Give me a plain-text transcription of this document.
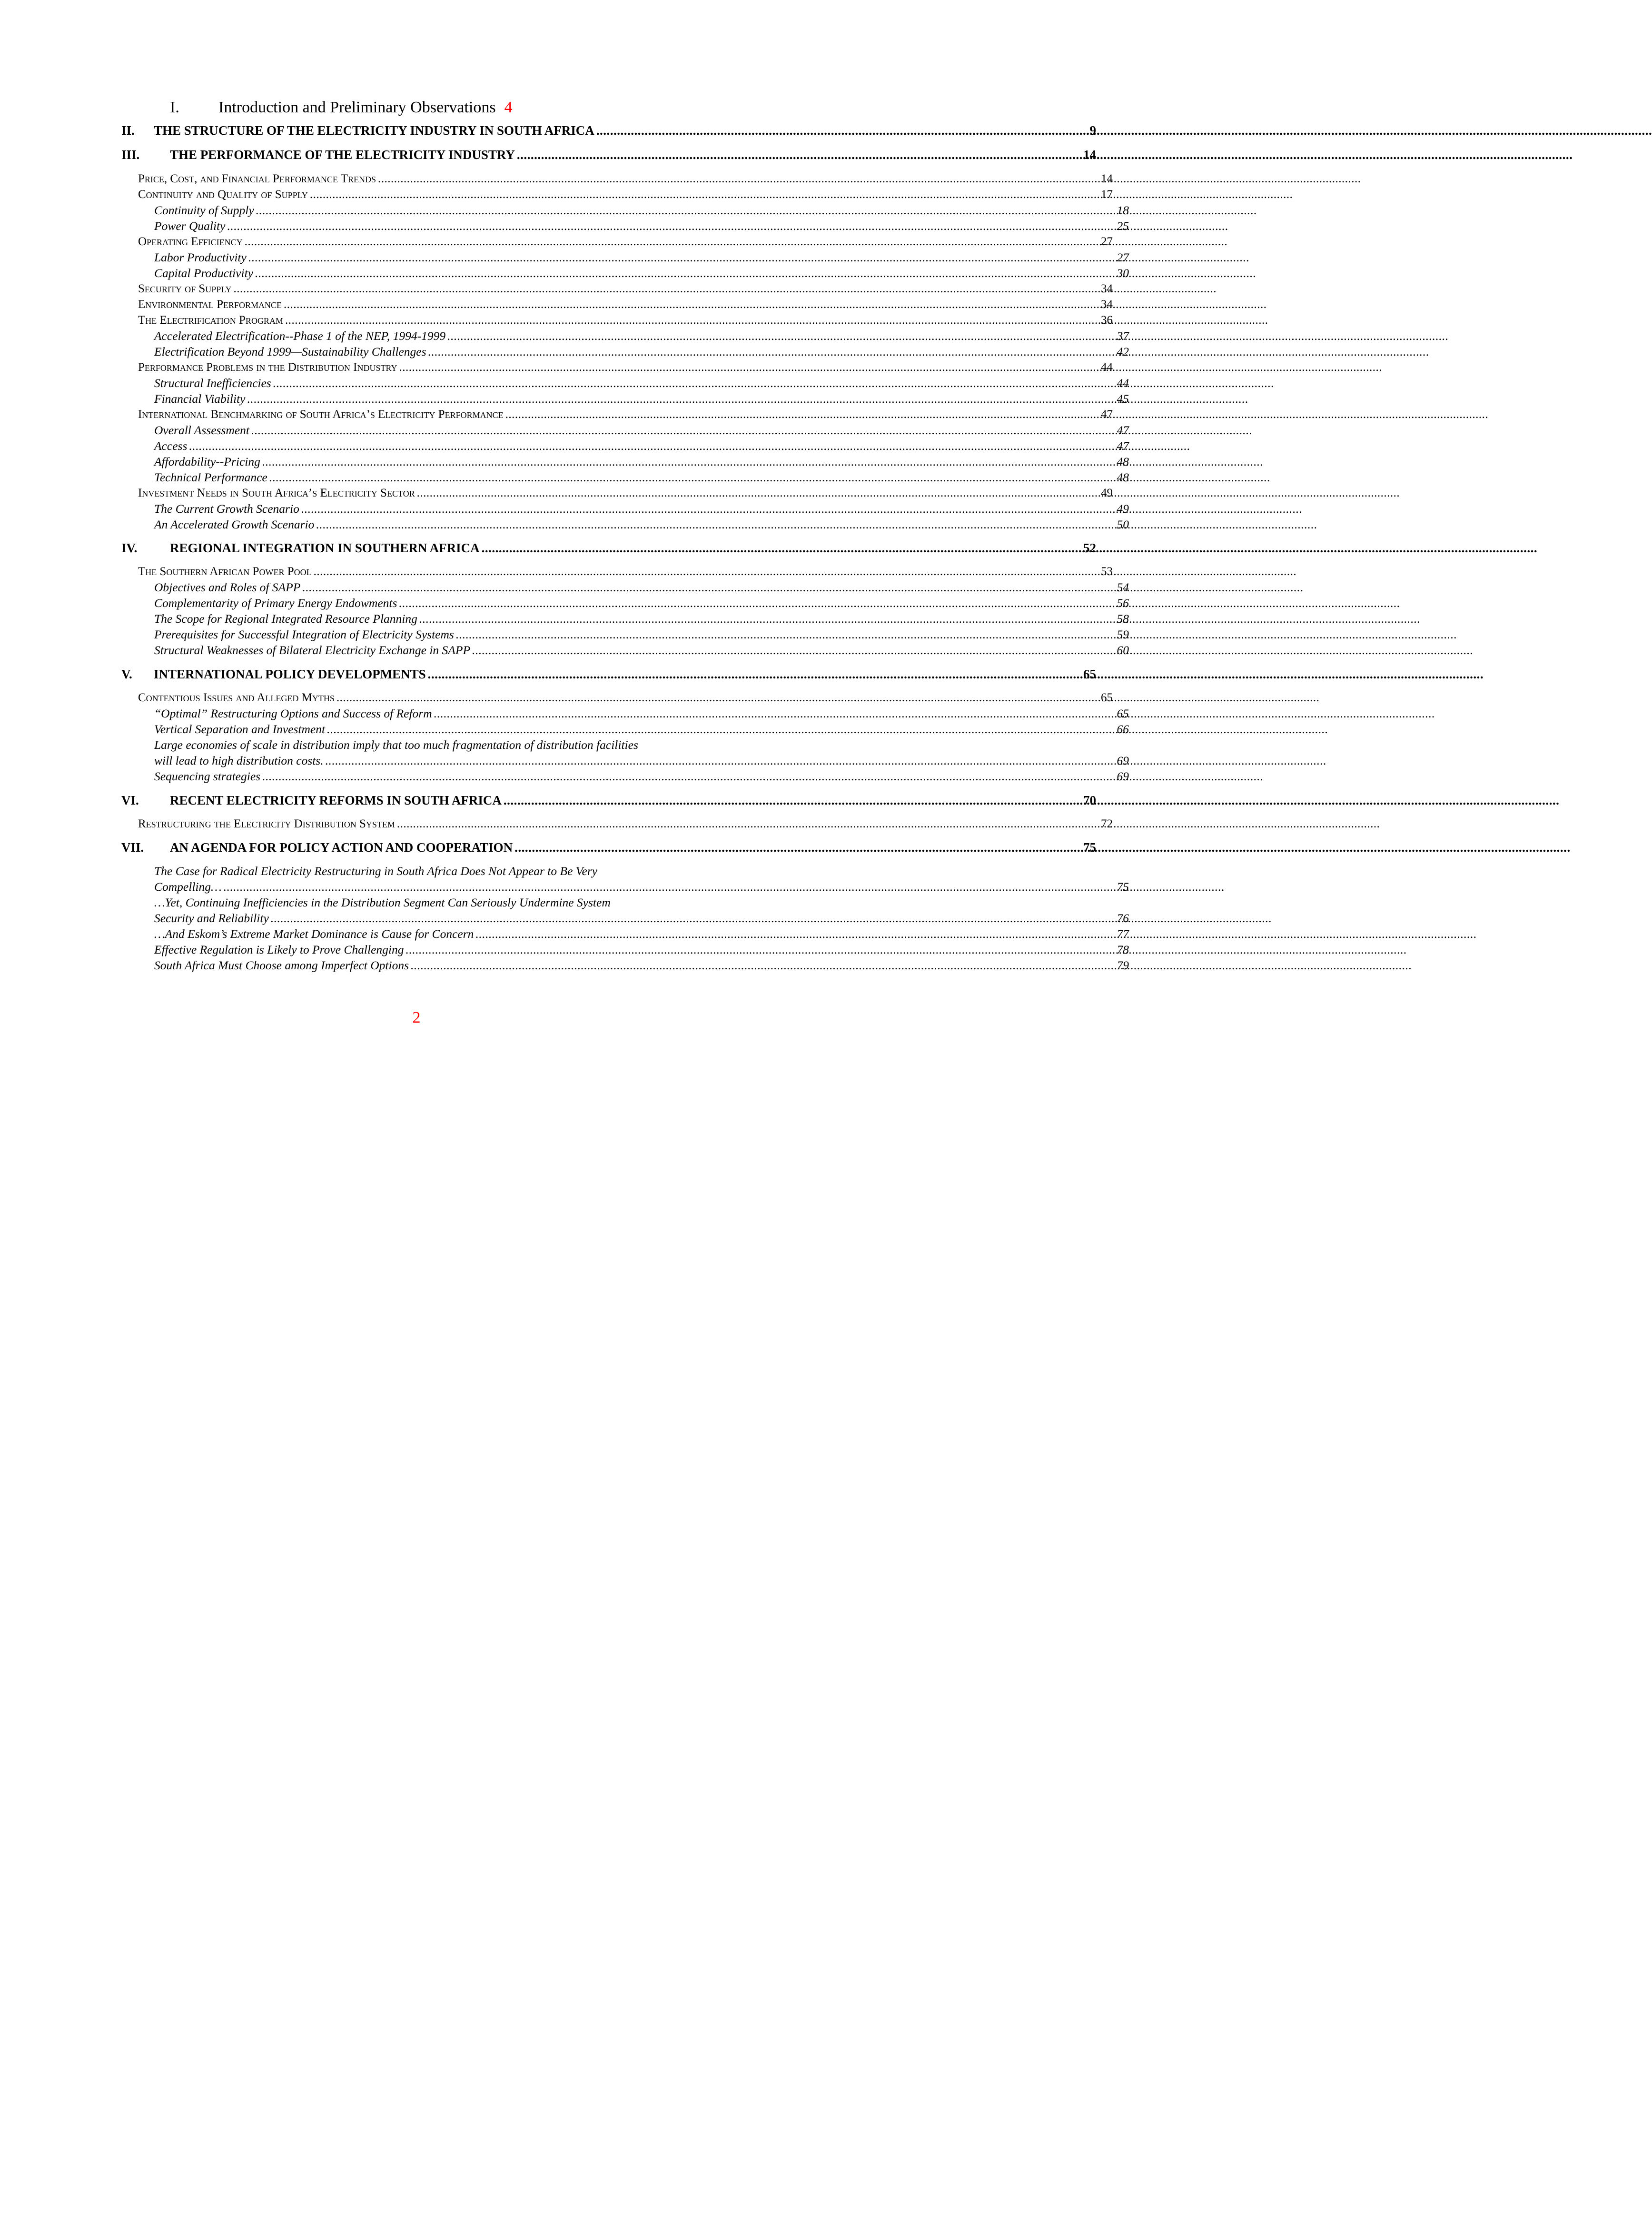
I. Introduction and Preliminary Observations 4
II.	THE STRUCTURE OF THE ELECTRICITY INDUSTRY IN SOUTH AFRICA .....	9
III.	THE PERFORMANCE OF THE ELECTRICITY INDUSTRY .....	14
Price, Cost, and Financial Performance Trends .....	14
Continuity and Quality of Supply .....	17
Continuity of Supply .....	18
Power Quality .....	25
Operating Efficiency .....	27
Labor Productivity .....	27
Capital Productivity .....	30
Security of Supply .....	34
Environmental Performance .....	34
The Electrification Program .....	36
Accelerated Electrification--Phase 1 of the NEP, 1994-1999 .....	37
Electrification Beyond 1999—Sustainability Challenges .....	42
Performance Problems in the Distribution Industry .....	44
Structural Inefficiencies .....	44
Financial Viability .....	45
International Benchmarking of South Africa’s Electricity Performance .....	47
Overall Assessment .....	47
Access .....	47
Affordability--Pricing .....	48
Technical Performance .....	48
Investment Needs in South Africa’s Electricity Sector .....	49
The Current Growth Scenario .....	49
An Accelerated Growth Scenario .....	50
IV.	REGIONAL INTEGRATION IN SOUTHERN AFRICA .....	52
The Southern African Power Pool .....	53
Objectives and Roles of SAPP .....	54
Complementarity of Primary Energy Endowments .....	56
The Scope for Regional Integrated Resource Planning .....	58
Prerequisites for Successful Integration of Electricity Systems .....	59
Structural Weaknesses of Bilateral Electricity Exchange in SAPP .....	60
V.	INTERNATIONAL POLICY DEVELOPMENTS .....	65
Contentious Issues and Alleged Myths .....	65
“Optimal” Restructuring Options and Success of Reform .....	65
Vertical Separation and Investment .....	66
Large economies of scale in distribution imply that too much fragmentation of distribution facilities
will lead to high distribution costs. .....	69
Sequencing strategies .....	69
VI.	RECENT ELECTRICITY REFORMS IN SOUTH AFRICA .....	70
Restructuring the Electricity Distribution System .....	72
VII.	AN AGENDA FOR POLICY ACTION AND COOPERATION .....	75
The Case for Radical Electricity Restructuring in South Africa Does Not Appear to Be Very
Compelling… .....	75
…Yet, Continuing Inefficiencies in the Distribution Segment Can Seriously Undermine System
Security and Reliability .....	76
…And Eskom’s Extreme Market Dominance is Cause for Concern .....	77
Effective Regulation is Likely to Prove Challenging .....	78
South Africa Must Choose among Imperfect Options .....	79
2
